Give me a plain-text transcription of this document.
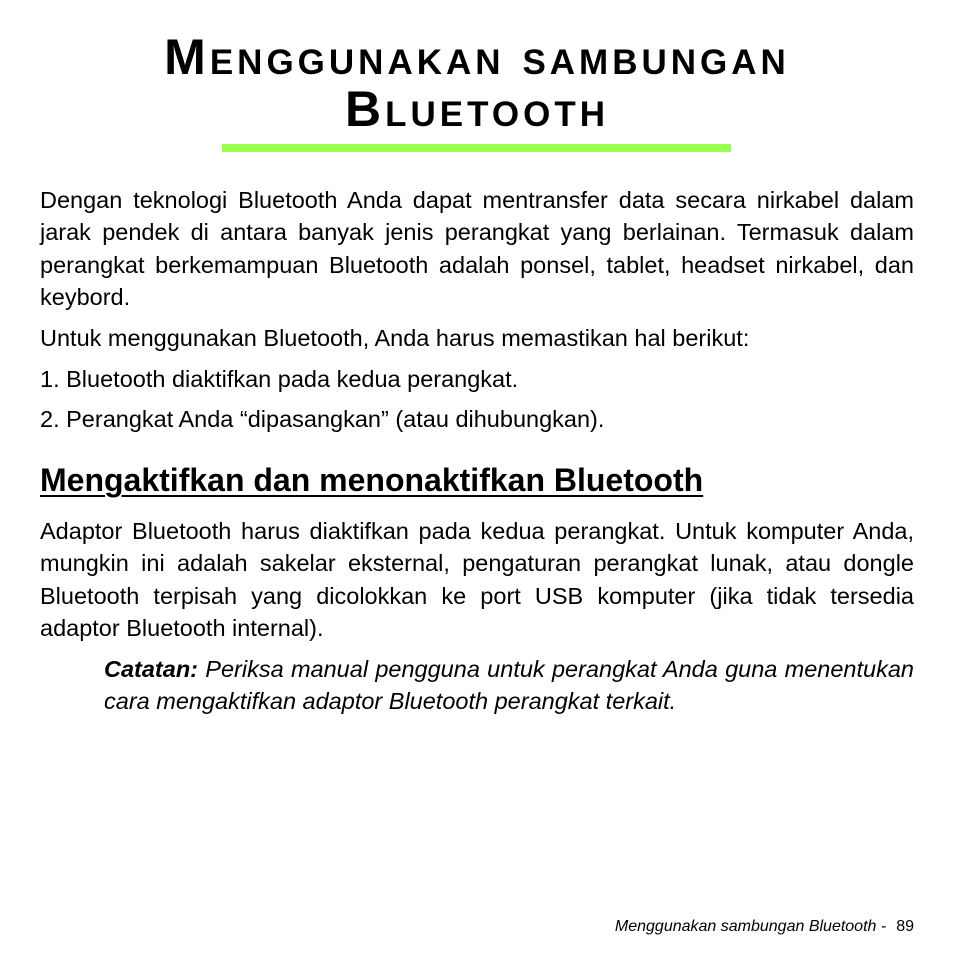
Menggunakan sambungan
Bluetooth

Dengan teknologi Bluetooth Anda dapat mentransfer data secara nirkabel dalam jarak pendek di antara banyak jenis perangkat yang berlainan. Termasuk dalam perangkat berkemampuan Bluetooth adalah ponsel, tablet, headset nirkabel, dan keybord.

Untuk menggunakan Bluetooth, Anda harus memastikan hal berikut:

1. Bluetooth diaktifkan pada kedua perangkat.

2. Perangkat Anda “dipasangkan” (atau dihubungkan).

Mengaktifkan dan menonaktifkan Bluetooth

Adaptor Bluetooth harus diaktifkan pada kedua perangkat. Untuk komputer Anda, mungkin ini adalah sakelar eksternal, pengaturan perangkat lunak, atau dongle Bluetooth terpisah yang dicolokkan ke port USB komputer (jika tidak tersedia adaptor Bluetooth internal).

Catatan: Periksa manual pengguna untuk perangkat Anda guna menentukan cara mengaktifkan adaptor Bluetooth perangkat terkait.

Menggunakan sambungan Bluetooth - 89
